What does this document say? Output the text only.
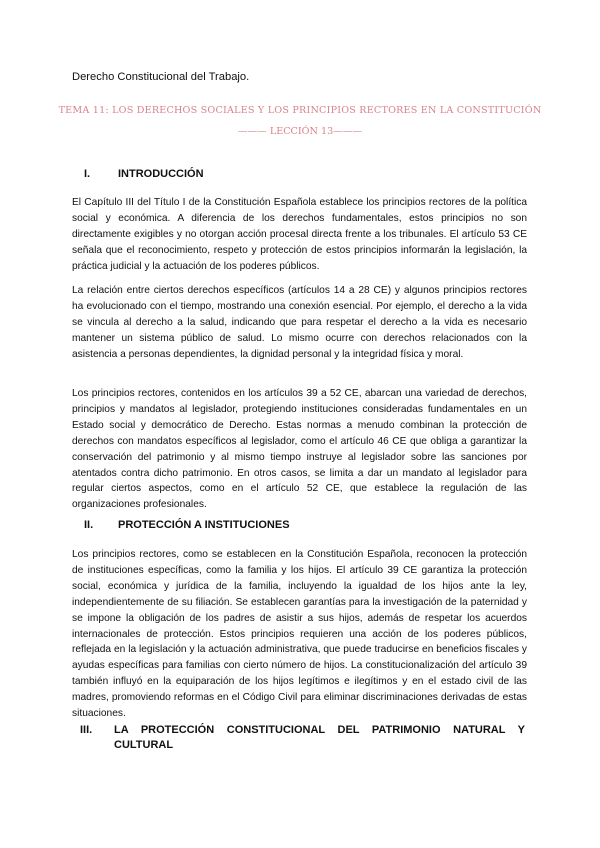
Derecho Constitucional del Trabajo.

TEMA 11: LOS DERECHOS SOCIALES Y LOS PRINCIPIOS RECTORES EN LA CONSTITUCIÓN

——— LECCIÓN 13———

I.	INTRODUCCIÓN

El Capítulo III del Título I de la Constitución Española establece los principios rectores de la política social y económica. A diferencia de los derechos fundamentales, estos principios no son directamente exigibles y no otorgan acción procesal directa frente a los tribunales. El artículo 53 CE señala que el reconocimiento, respeto y protección de estos principios informarán la legislación, la práctica judicial y la actuación de los poderes públicos.

La relación entre ciertos derechos específicos (artículos 14 a 28 CE) y algunos principios rectores ha evolucionado con el tiempo, mostrando una conexión esencial. Por ejemplo, el derecho a la vida se vincula al derecho a la salud, indicando que para respetar el derecho a la vida es necesario mantener un sistema público de salud. Lo mismo ocurre con derechos relacionados con la asistencia a personas dependientes, la dignidad personal y la integridad física y moral.

Los principios rectores, contenidos en los artículos 39 a 52 CE, abarcan una variedad de derechos, principios y mandatos al legislador, protegiendo instituciones consideradas fundamentales en un Estado social y democrático de Derecho. Estas normas a menudo combinan la protección de derechos con mandatos específicos al legislador, como el artículo 46 CE que obliga a garantizar la conservación del patrimonio y al mismo tiempo instruye al legislador sobre las sanciones por atentados contra dicho patrimonio. En otros casos, se limita a dar un mandato al legislador para regular ciertos aspectos, como en el artículo 52 CE, que establece la regulación de las organizaciones profesionales.

II.	PROTECCIÓN A INSTITUCIONES

Los principios rectores, como se establecen en la Constitución Española, reconocen la protección de instituciones específicas, como la familia y los hijos. El artículo 39 CE garantiza la protección social, económica y jurídica de la familia, incluyendo la igualdad de los hijos ante la ley, independientemente de su filiación. Se establecen garantías para la investigación de la paternidad y se impone la obligación de los padres de asistir a sus hijos, además de respetar los acuerdos internacionales de protección. Estos principios requieren una acción de los poderes públicos, reflejada en la legislación y la actuación administrativa, que puede traducirse en beneficios fiscales y ayudas específicas para familias con cierto número de hijos. La constitucionalización del artículo 39 también influyó en la equiparación de los hijos legítimos e ilegítimos y en el estado civil de las madres, promoviendo reformas en el Código Civil para eliminar discriminaciones derivadas de estas situaciones.

III.	LA PROTECCIÓN CONSTITUCIONAL DEL PATRIMONIO NATURAL Y
CULTURAL
